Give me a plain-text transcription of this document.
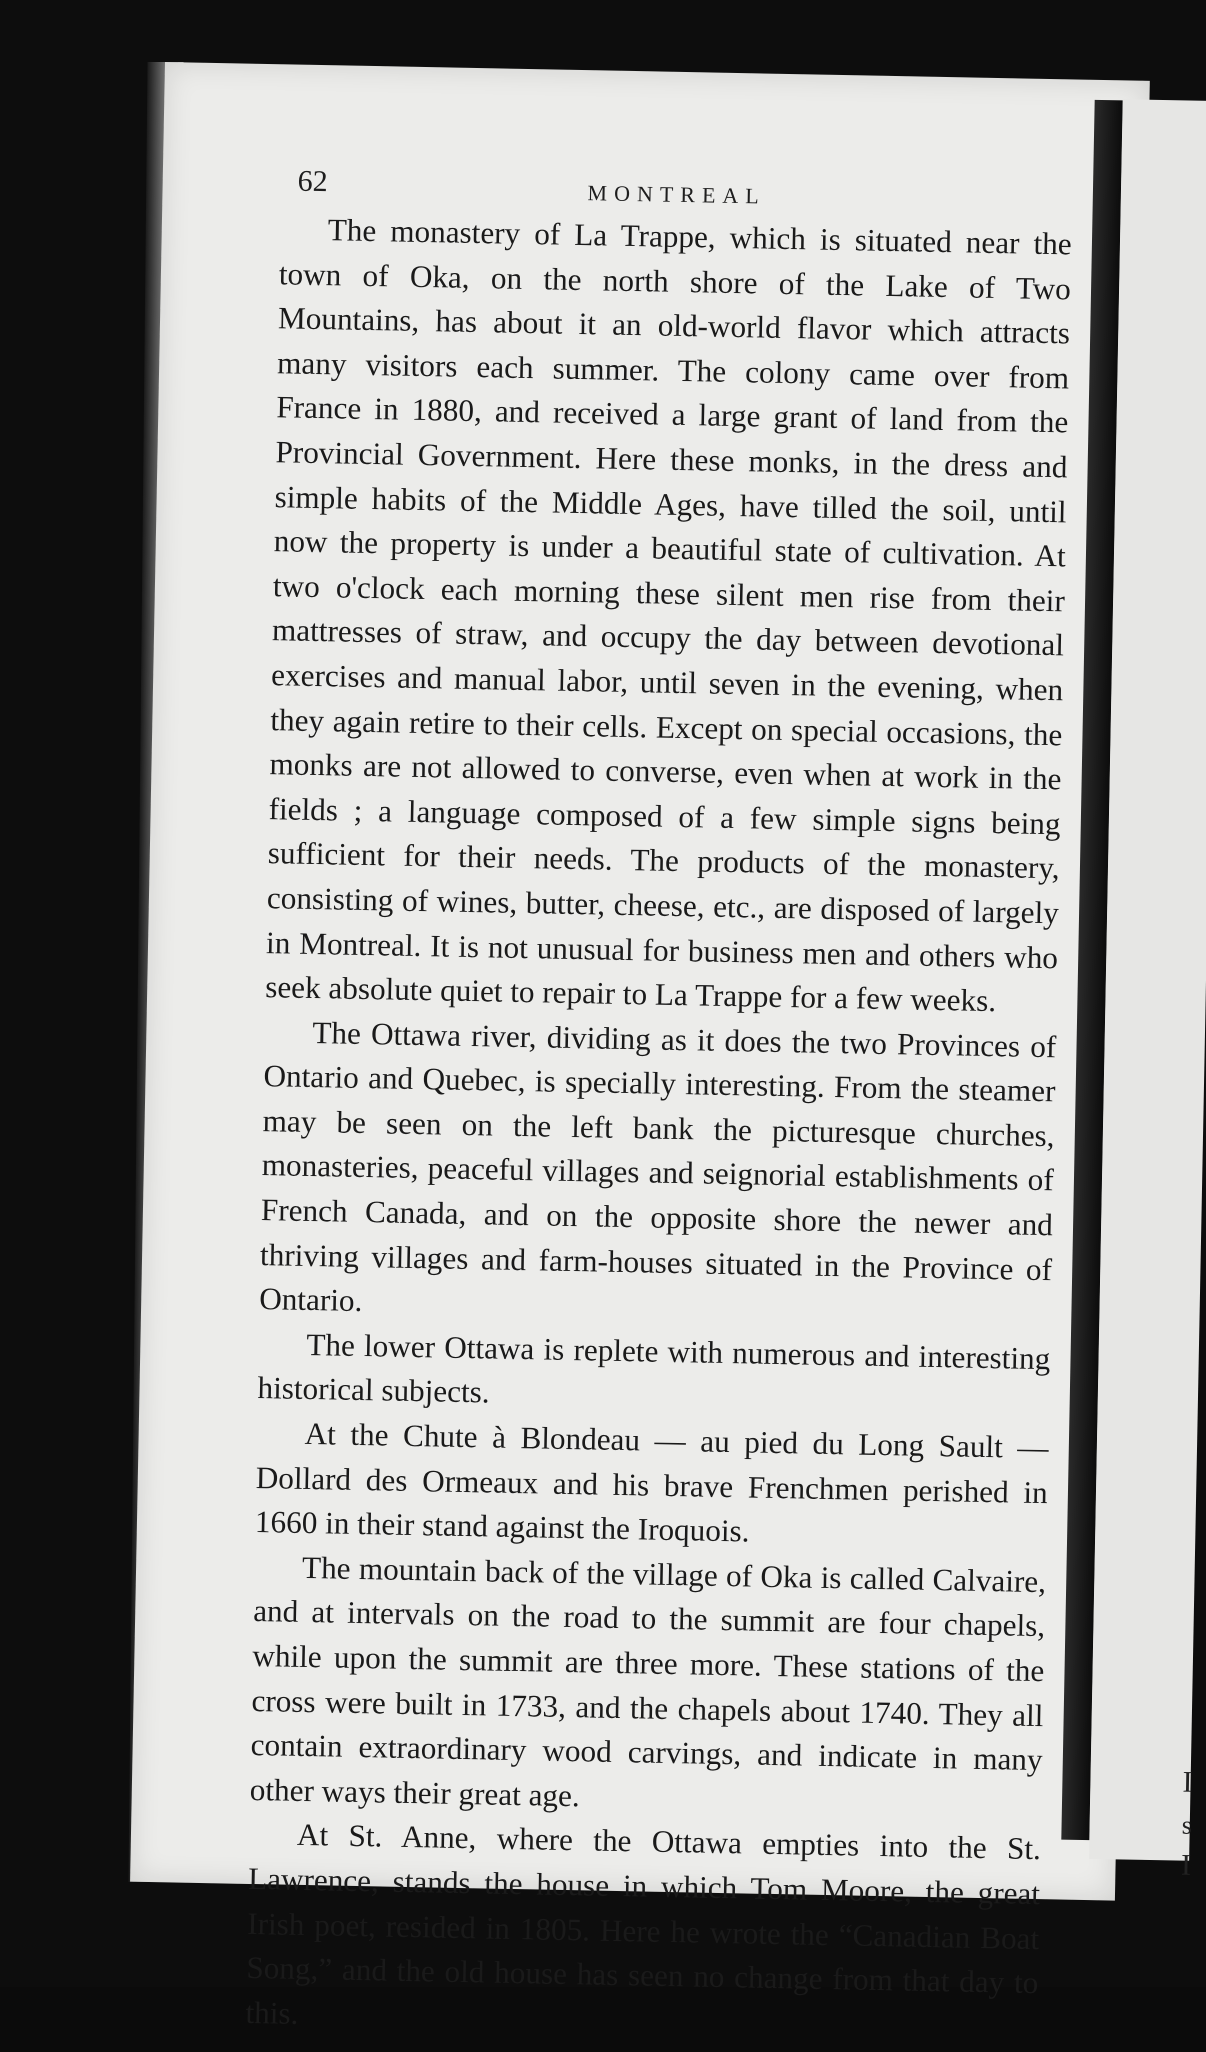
62	MONTREAL

The monastery of La Trappe, which is situated near the town of Oka, on the north shore of the Lake of Two Mountains, has about it an old-world flavor which attracts many visitors each summer. The colony came over from France in 1880, and received a large grant of land from the Provincial Government. Here these monks, in the dress and simple habits of the Middle Ages, have tilled the soil, until now the property is under a beautiful state of cultivation. At two o'clock each morning these silent men rise from their mattresses of straw, and occupy the day between devotional exercises and manual labor, until seven in the evening, when they again retire to their cells. Except on special occasions, the monks are not allowed to converse, even when at work in the fields ; a language composed of a few simple signs being sufficient for their needs. The products of the monastery, consisting of wines, butter, cheese, etc., are disposed of largely in Montreal. It is not unusual for business men and others who seek absolute quiet to repair to La Trappe for a few weeks.

The Ottawa river, dividing as it does the two Provinces of Ontario and Quebec, is specially interesting. From the steamer may be seen on the left bank the picturesque churches, monasteries, peaceful villages and seignorial establishments of French Canada, and on the opposite shore the newer and thriving villages and farm-houses situated in the Province of Ontario.

The lower Ottawa is replete with numerous and interesting historical subjects.

At the Chute à Blondeau — au pied du Long Sault — Dollard des Ormeaux and his brave Frenchmen perished in 1660 in their stand against the Iroquois.

The mountain back of the village of Oka is called Calvaire, and at intervals on the road to the summit are four chapels, while upon the summit are three more. These stations of the cross were built in 1733, and the chapels about 1740. They all contain extraordinary wood carvings, and indicate in many other ways their great age.

At St. Anne, where the Ottawa empties into the St. Lawrence, stands the house in which Tom Moore, the great Irish poet, resided in 1805. Here he wrote the “Canadian Boat Song,” and the old house has seen no change from that day to this.

I
s
I
